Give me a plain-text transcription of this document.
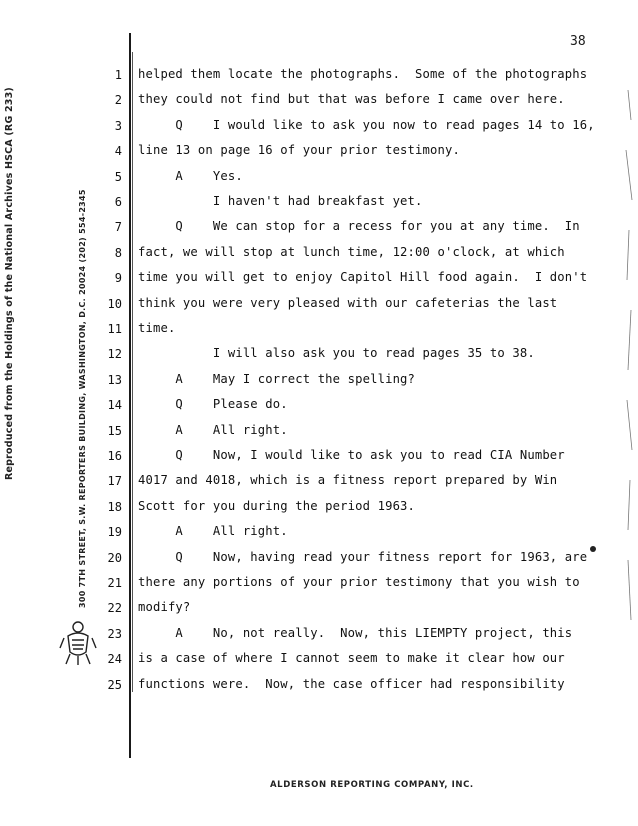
Reproduced from the Holdings of the National Archives HSCA (RG 233)	300 7TH STREET, S.W. REPORTERS BUILDING, WASHINGTON, D.C. 20024 (202) 554-2345
38
1 helped them locate the photographs.  Some of the photographs
2 they could not find but that was before I came over here.
3 Q    I would like to ask you now to read pages 14 to 16,
4 line 13 on page 16 of your prior testimony.
5 A    Yes.
6 I haven't had breakfast yet.
7 Q    We can stop for a recess for you at any time.  In
8 fact, we will stop at lunch time, 12:00 o'clock, at which
9 time you will get to enjoy Capitol Hill food again.  I don't
10 think you were very pleased with our cafeterias the last
11 time.
12 I will also ask you to read pages 35 to 38.
13 A    May I correct the spelling?
14 Q    Please do.
15 A    All right.
16 Q    Now, I would like to ask you to read CIA Number
17 4017 and 4018, which is a fitness report prepared by Win
18 Scott for you during the period 1963.
19 A    All right.
20 Q    Now, having read your fitness report for 1963, are
21 there any portions of your prior testimony that you wish to
22 modify?
23 A    No, not really.  Now, this LIEMPTY project, this
24 is a case of where I cannot seem to make it clear how our
25 functions were.  Now, the case officer had responsibility
ALDERSON REPORTING COMPANY, INC.
